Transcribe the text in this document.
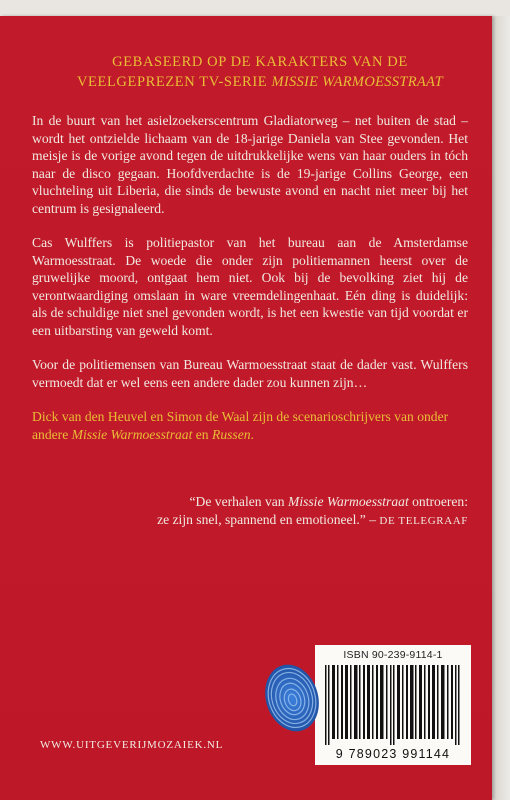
GEBASEERD OP DE KARAKTERS VAN DE
VEELGEPREZEN TV-SERIE MISSIE WARMOESSTRAAT

In de buurt van het asielzoekerscentrum Gladiatorweg – net buiten de stad – wordt het ontzielde lichaam van de 18-jarige Daniela van Stee gevonden. Het meisje is de vorige avond tegen de uitdrukkelijke wens van haar ouders in tóch naar de disco gegaan. Hoofdverdachte is de 19-jarige Collins George, een vluchteling uit Liberia, die sinds de bewuste avond en nacht niet meer bij het centrum is gesignaleerd.

Cas Wulffers is politiepastor van het bureau aan de Amsterdamse Warmoesstraat. De woede die onder zijn politiemannen heerst over de gruwelijke moord, ontgaat hem niet. Ook bij de bevolking ziet hij de verontwaardiging omslaan in ware vreemdelingenhaat. Eén ding is duidelijk: als de schuldige niet snel gevonden wordt, is het een kwestie van tijd voordat er een uitbarsting van geweld komt.

Voor de politiemensen van Bureau Warmoesstraat staat de dader vast. Wulffers vermoedt dat er wel eens een andere dader zou kunnen zijn…

Dick van den Heuvel en Simon de Waal zijn de scenarioschrijvers van onder andere Missie Warmoesstraat en Russen.

“De verhalen van Missie Warmoesstraat ontroeren:
ze zijn snel, spannend en emotioneel.” – DE TELEGRAAF
ISBN 90-239-9114-1
9 789023 991144
WWW.UITGEVERIJMOZAIEK.NL
